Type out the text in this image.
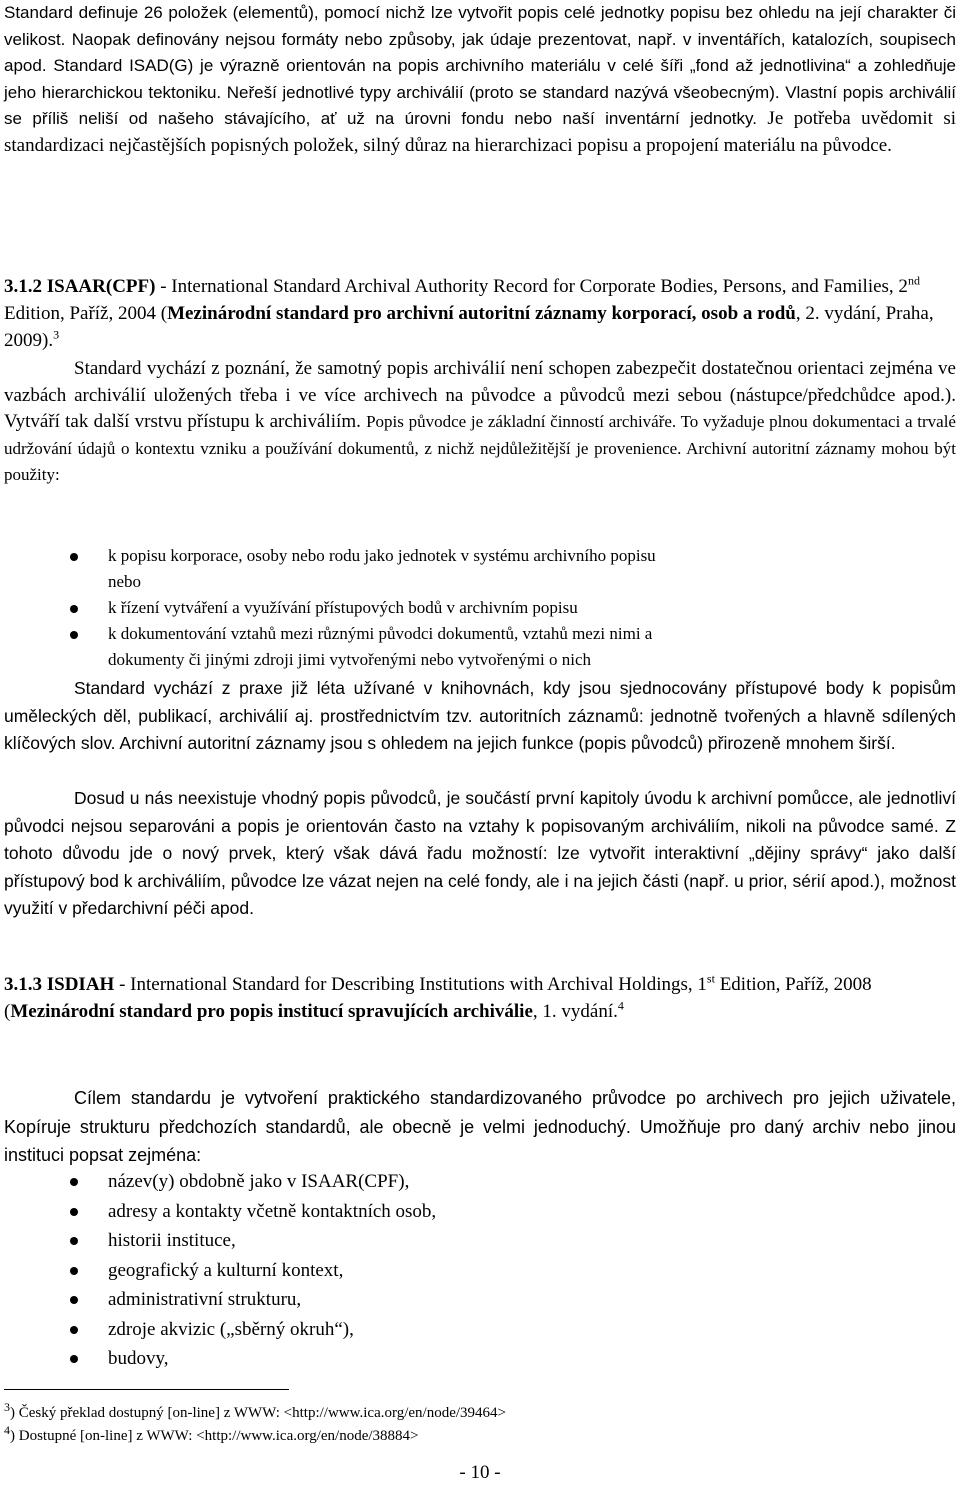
Standard definuje 26 položek (elementů), pomocí nichž lze vytvořit popis celé jednotky popisu bez ohledu na její charakter či velikost. Naopak definovány nejsou formáty nebo způsoby, jak údaje prezentovat, např. v inventářích, katalozích, soupisech apod. Standard ISAD(G) je výrazně orientován na popis archivního materiálu v celé šíři „fond až jednotlivina“ a zohledňuje jeho hierarchickou tektoniku. Neřeší jednotlivé typy archiválií (proto se standard nazývá všeobecným). Vlastní popis archiválií se příliš neliší od našeho stávajícího, ať už na úrovni fondu nebo naší inventární jednotky. Je potřeba uvědomit si standardizaci nejčastějších popisných položek, silný důraz na hierarchizaci popisu a propojení materiálu na původce.

3.1.2 ISAAR(CPF) - International Standard Archival Authority Record for Corporate Bodies, Persons, and Families, 2nd Edition, Paříž, 2004 (Mezinárodní standard pro archivní autoritní záznamy korporací, osob a rodů, 2. vydání, Praha, 2009).$^3$

Standard vychází z poznání, že samotný popis archiválií není schopen zabezpečit dostatečnou orientaci zejména ve vazbách archiválií uložených třeba i ve více archivech na původce a původců mezi sebou (nástupce/předchůdce apod.). Vytváří tak další vrstvu přístupu k archiváliím. Popis původce je základní činností archiváře. To vyžaduje plnou dokumentaci a trvalé udržování údajů o kontextu vzniku a používání dokumentů, z nichž nejdůležitější je provenience. Archivní autoritní záznamy mohou být použity:

k popisu korporace, osoby nebo rodu jako jednotek v systému archivního popisu
nebo
k řízení vytváření a využívání přístupových bodů v archivním popisu
k dokumentování vztahů mezi různými původci dokumentů, vztahů mezi nimi a
dokumenty či jinými zdroji jimi vytvořenými nebo vytvořenými o nich

Standard vychází z praxe již léta užívané v knihovnách, kdy jsou sjednocovány přístupové body k popisům uměleckých děl, publikací, archiválií aj. prostřednictvím tzv. autoritních záznamů: jednotně tvořených a hlavně sdílených klíčových slov. Archivní autoritní záznamy jsou s ohledem na jejich funkce (popis původců) přirozeně mnohem širší.

Dosud u nás neexistuje vhodný popis původců, je součástí první kapitoly úvodu k archivní pomůcce, ale jednotliví původci nejsou separováni a popis je orientován často na vztahy k popisovaným archiváliím, nikoli na původce samé. Z tohoto důvodu jde o nový prvek, který však dává řadu možností: lze vytvořit interaktivní „dějiny správy“ jako další přístupový bod k archiváliím, původce lze vázat nejen na celé fondy, ale i na jejich části (např. u prior, sérií apod.), možnost využití v předarchivní péči apod.

3.1.3 ISDIAH - International Standard for Describing Institutions with Archival Holdings, 1st Edition, Paříž, 2008 (Mezinárodní standard pro popis institucí spravujících archiválie, 1. vydání.$^4$

Cílem standardu je vytvoření praktického standardizovaného průvodce po archivech pro jejich uživatele, Kopíruje strukturu předchozích standardů, ale obecně je velmi jednoduchý. Umožňuje pro daný archiv nebo jinou instituci popsat zejména:

název(y) obdobně jako v ISAAR(CPF),
adresy a kontakty včetně kontaktních osob,
historii instituce,
geografický a kulturní kontext,
administrativní strukturu,
zdroje akvizic („sběrný okruh“),
budovy,

$^3$) Český překlad dostupný [on-line] z WWW: <http://www.ica.org/en/node/39464>

$^4$) Dostupné [on-line] z WWW: <http://www.ica.org/en/node/38884>

- 10 -
